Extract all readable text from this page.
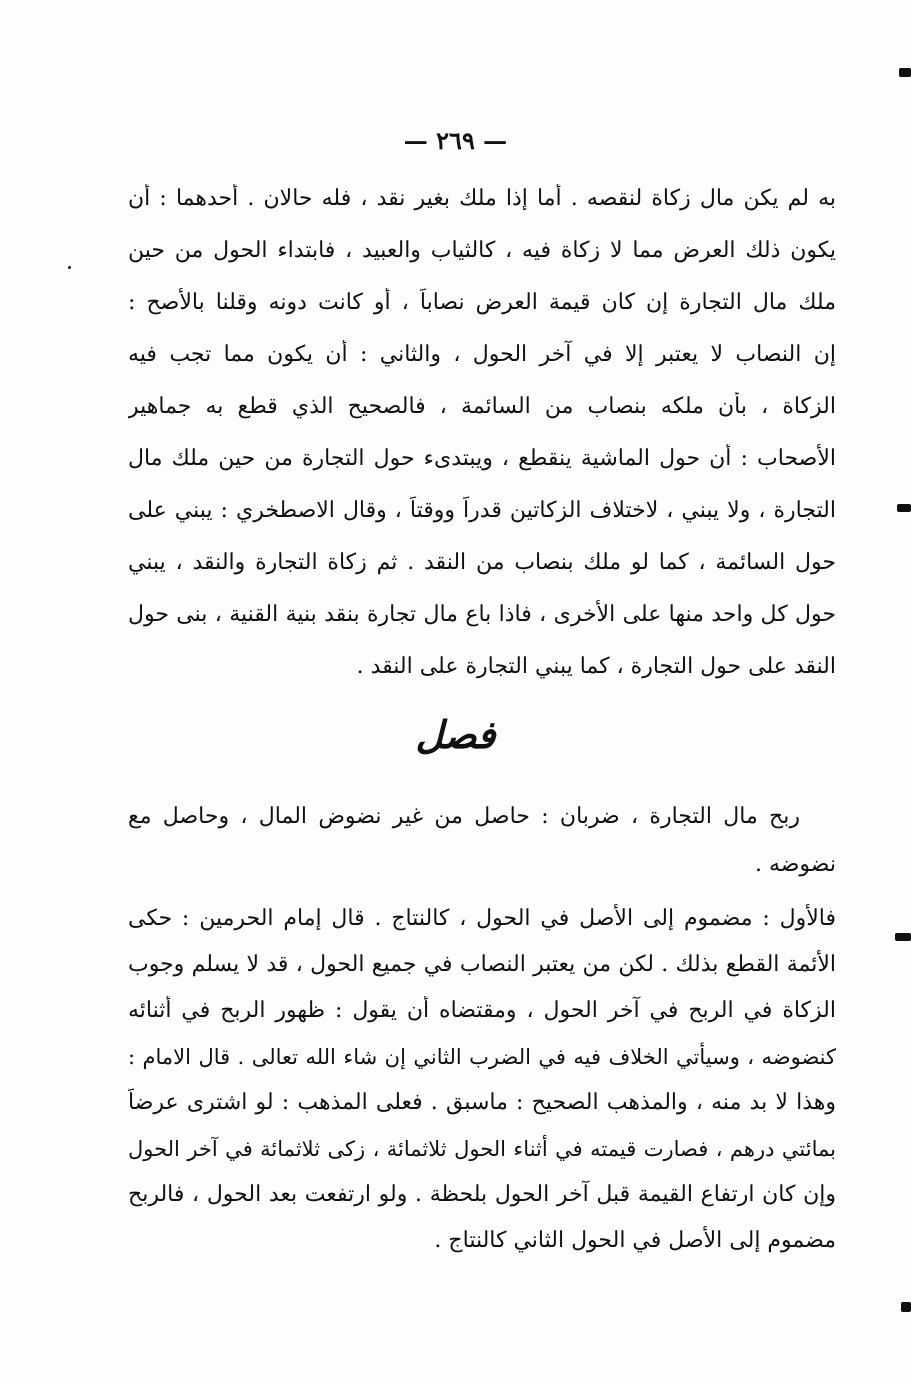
— ٢٦٩ —
به لم يكن مال زكاة لنقصه . أما إذا ملك بغير نقد ، فله حالان . أحدهما : أن
يكون ذلك العرض مما لا زكاة فيه ، كالثياب والعبيد ، فابتداء الحول من حين
ملك مال التجارة إن كان قيمة العرض نصاباً ، أو كانت دونه وقلنا بالأصح :
إن النصاب لا يعتبر إلا في آخر الحول ، والثاني : أن يكون مما تجب فيه
الزكاة ، بأن ملكه بنصاب من السائمة ، فالصحيح الذي قطع به جماهير
الأصحاب : أن حول الماشية ينقطع ، ويبتدىء حول التجارة من حين ملك مال
التجارة ، ولا يبني ، لاختلاف الزكاتين قدراً ووقتاً ، وقال الاصطخري : يبني على
حول السائمة ، كما لو ملك بنصاب من النقد . ثم زكاة التجارة والنقد ، يبني
حول كل واحد منها على الأخرى ، فاذا باع مال تجارة بنقد بنية القنية ، بنى حول
النقد على حول التجارة ، كما يبني التجارة على النقد .
فصل
ربح مال التجارة ، ضربان : حاصل من غير نضوض المال ، وحاصل مع
نضوضه .
فالأول : مضموم إلى الأصل في الحول ، كالنتاج . قال إمام الحرمين : حكى
الأئمة القطع بذلك . لكن من يعتبر النصاب في جميع الحول ، قد لا يسلم وجوب
الزكاة في الربح في آخر الحول ، ومقتضاه أن يقول : ظهور الربح في أثنائه
كنضوضه ، وسيأتي الخلاف فيه في الضرب الثاني إن شاء الله تعالى . قال الامام :
وهذا لا بد منه ، والمذهب الصحيح : ماسبق . فعلى المذهب : لو اشترى عرضاً
بمائتي درهم ، فصارت قيمته في أثناء الحول ثلاثمائة ، زكى ثلاثمائة في آخر الحول
وإن كان ارتفاع القيمة قبل آخر الحول بلحظة . ولو ارتفعت بعد الحول ، فالربح
مضموم إلى الأصل في الحول الثاني كالنتاج .
